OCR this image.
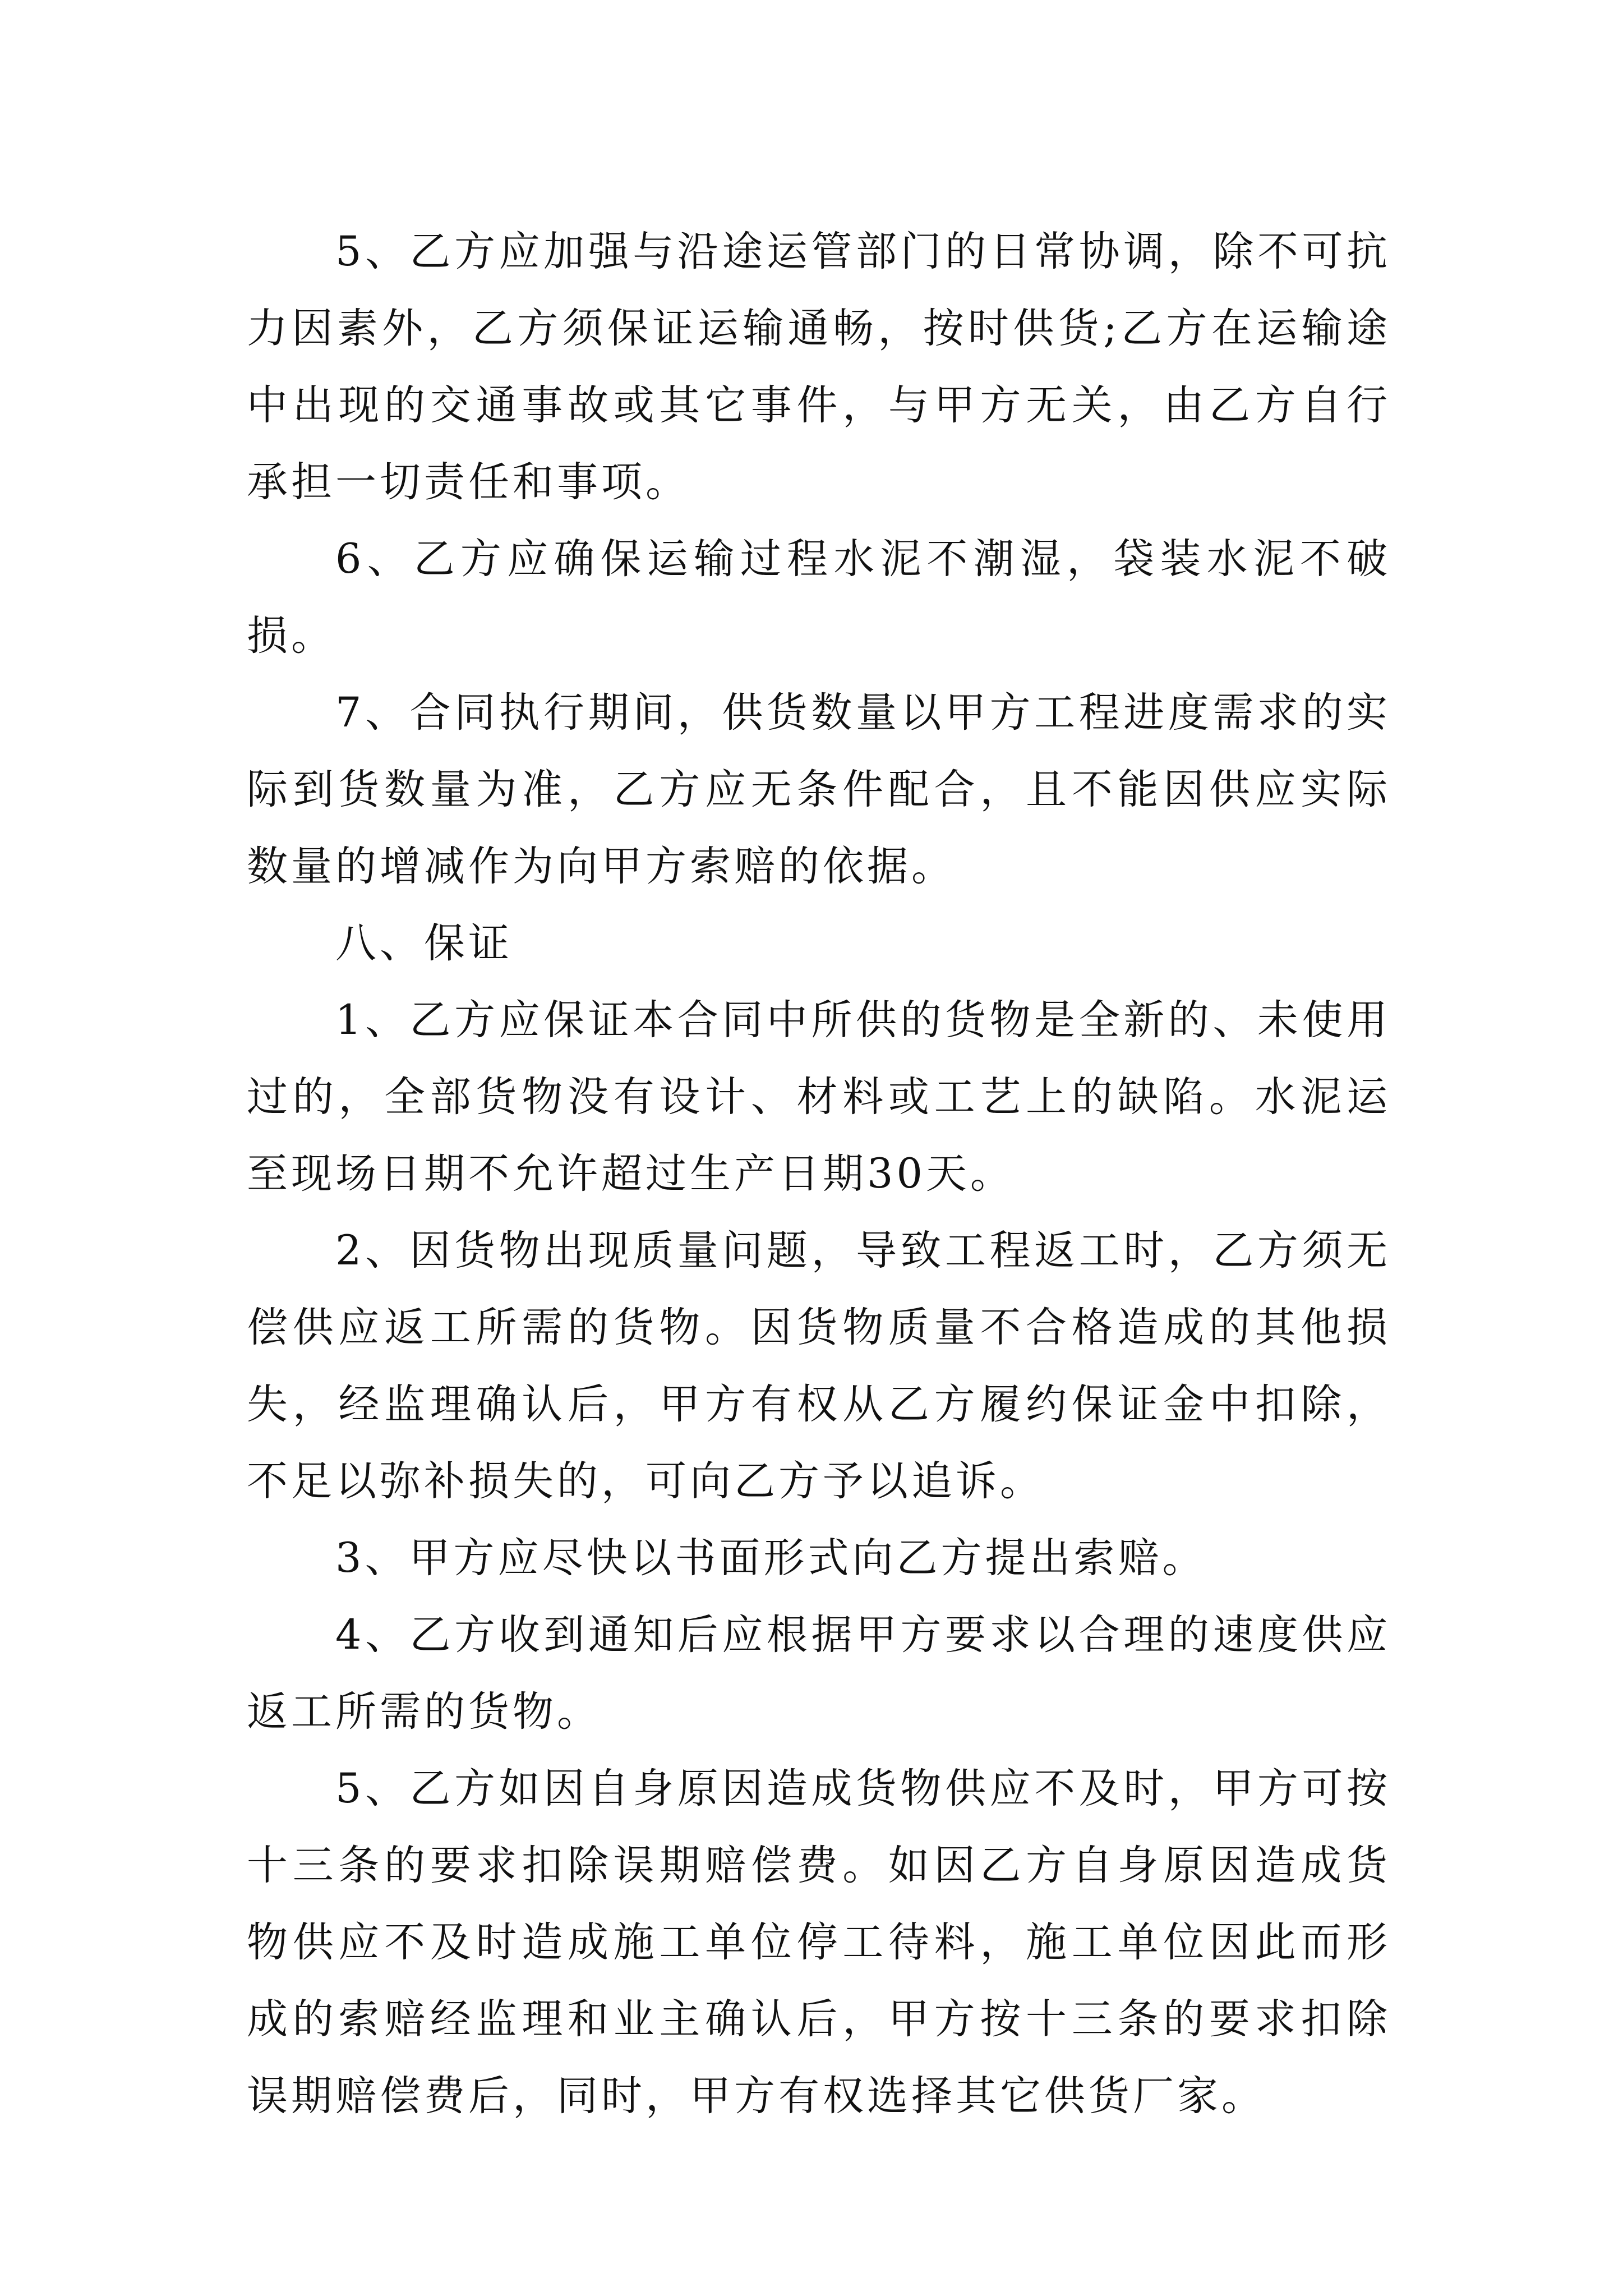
5、乙方应加强与沿途运管部门的日常协调，除不可抗力因素外，乙方须保证运输通畅，按时供货;乙方在运输途中出现的交通事故或其它事件，与甲方无关，由乙方自行承担一切责任和事项。

6、乙方应确保运输过程水泥不潮湿，袋装水泥不破损。

7、合同执行期间，供货数量以甲方工程进度需求的实际到货数量为准，乙方应无条件配合，且不能因供应实际数量的增减作为向甲方索赔的依据。

八、保证

1、乙方应保证本合同中所供的货物是全新的、未使用过的，全部货物没有设计、材料或工艺上的缺陷。水泥运至现场日期不允许超过生产日期30天。

2、因货物出现质量问题，导致工程返工时，乙方须无偿供应返工所需的货物。因货物质量不合格造成的其他损失，经监理确认后，甲方有权从乙方履约保证金中扣除，不足以弥补损失的，可向乙方予以追诉。

3、甲方应尽快以书面形式向乙方提出索赔。

4、乙方收到通知后应根据甲方要求以合理的速度供应返工所需的货物。

5、乙方如因自身原因造成货物供应不及时，甲方可按十三条的要求扣除误期赔偿费。如因乙方自身原因造成货物供应不及时造成施工单位停工待料，施工单位因此而形成的索赔经监理和业主确认后，甲方按十三条的要求扣除误期赔偿费后，同时，甲方有权选择其它供货厂家。
